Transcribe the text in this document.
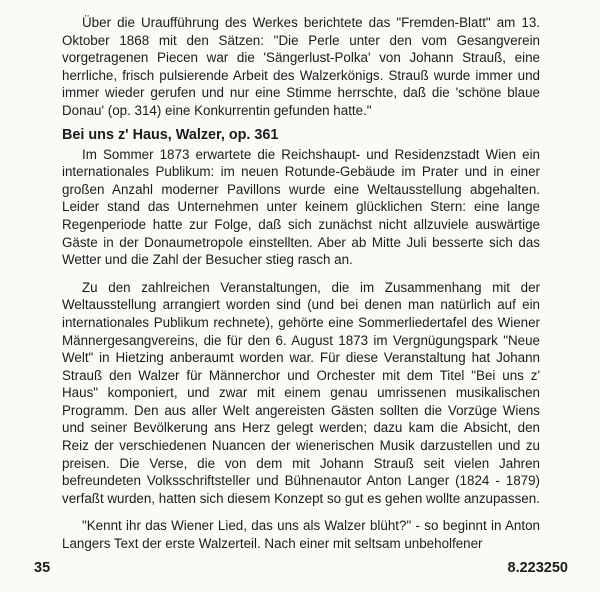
Über die Uraufführung des Werkes berichtete das "Fremden-Blatt" am 13. Oktober 1868 mit den Sätzen: "Die Perle unter den vom Gesangverein vorgetragenen Piecen war die 'Sängerlust-Polka' von Johann Strauß, eine herrliche, frisch pulsierende Arbeit des Walzerkönigs. Strauß wurde immer und immer wieder gerufen und nur eine Stimme herrschte, daß die 'schöne blaue Donau' (op. 314) eine Konkurrentin gefunden hatte."

Bei uns z' Haus, Walzer, op. 361

Im Sommer 1873 erwartete die Reichshaupt- und Residenzstadt Wien ein internationales Publikum: im neuen Rotunde-Gebäude im Prater und in einer großen Anzahl moderner Pavillons wurde eine Weltausstellung abgehalten. Leider stand das Unternehmen unter keinem glücklichen Stern: eine lange Regenperiode hatte zur Folge, daß sich zunächst nicht allzuviele auswärtige Gäste in der Donaumetropole einstellten. Aber ab Mitte Juli besserte sich das Wetter und die Zahl der Besucher stieg rasch an.

Zu den zahlreichen Veranstaltungen, die im Zusammenhang mit der Weltausstellung arrangiert worden sind (und bei denen man natürlich auf ein internationales Publikum rechnete), gehörte eine Sommerliedertafel des Wiener Männergesangvereins, die für den 6. August 1873 im Vergnügungspark "Neue Welt" in Hietzing anberaumt worden war. Für diese Veranstaltung hat Johann Strauß den Walzer für Männerchor und Orchester mit dem Titel "Bei uns z' Haus" komponiert, und zwar mit einem genau umrissenen musikalischen Programm. Den aus aller Welt angereisten Gästen sollten die Vorzüge Wiens und seiner Bevölkerung ans Herz gelegt werden; dazu kam die Absicht, den Reiz der verschiedenen Nuancen der wienerischen Musik darzustellen und zu preisen. Die Verse, die von dem mit Johann Strauß seit vielen Jahren befreundeten Volksschriftsteller und Bühnenautor Anton Langer (1824 - 1879) verfaßt wurden, hatten sich diesem Konzept so gut es gehen wollte anzupassen.

"Kennt ihr das Wiener Lied, das uns als Walzer blüht?" - so beginnt in Anton Langers Text der erste Walzerteil. Nach einer mit seltsam unbeholfener

35	8.223250
